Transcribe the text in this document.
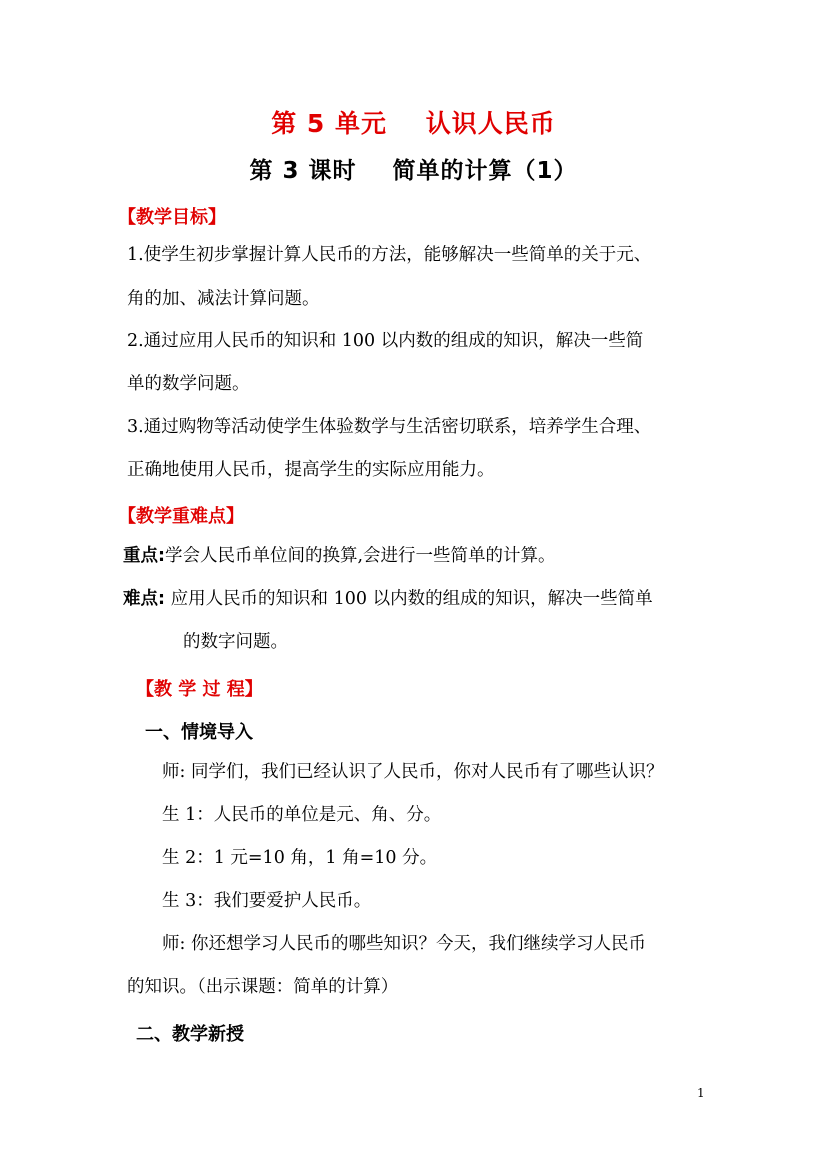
第 5 单元    认识人民币
第 3 课时    简单的计算（1）
【教学目标】
1.使学生初步掌握计算人民币的方法，能够解决一些简单的关于元、
角的加、减法计算问题。
2.通过应用人民币的知识和 100 以内数的组成的知识，解决一些简
单的数学问题。
3.通过购物等活动使学生体验数学与生活密切联系，培养学生合理、
正确地使用人民币，提高学生的实际应用能力。
【教学重难点】
重点:学会人民币单位间的换算,会进行一些简单的计算。
难点: 应用人民币的知识和 100 以内数的组成的知识，解决一些简单
的数字问题。
【教 学 过 程】
一、情境导入
师: 同学们，我们已经认识了人民币，你对人民币有了哪些认识？
生 1：人民币的单位是元、角、分。
生 2：1 元=10 角，1 角=10 分。
生 3：我们要爱护人民币。
师: 你还想学习人民币的哪些知识？今天，我们继续学习人民币
的知识。（出示课题：简单的计算）
二、教学新授
1
